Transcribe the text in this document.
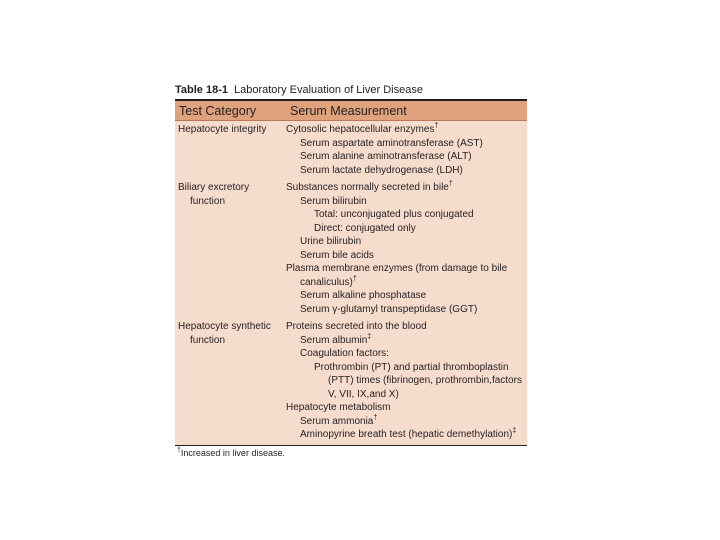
Table 18-1 Laboratory Evaluation of Liver Disease
Test Category	Serum Measurement
Hepatocyte integrity	Cytosolic hepatocellular enzymes†
Serum aspartate aminotransferase (AST)
Serum alanine aminotransferase (ALT)
Serum lactate dehydrogenase (LDH)
Biliary excretory
function
Substances normally secreted in bile†
Serum bilirubin
Total: unconjugated plus conjugated
Direct: conjugated only
Urine bilirubin
Serum bile acids
Plasma membrane enzymes (from damage to bile
canaliculus)†
Serum alkaline phosphatase
Serum γ-glutamyl transpeptidase (GGT)
Hepatocyte synthetic
function
Proteins secreted into the blood
Serum albumin‡
Coagulation factors:
Prothrombin (PT) and partial thromboplastin
(PTT) times (fibrinogen, prothrombin,factors
V, VII, IX,and X)
Hepatocyte metabolism
Serum ammonia†
Aminopyrine breath test (hepatic demethylation)‡
†Increased in liver disease.
